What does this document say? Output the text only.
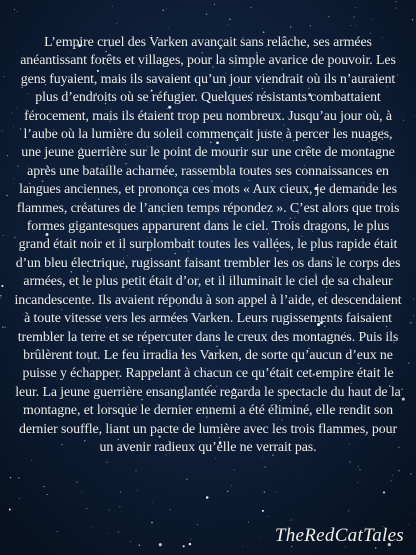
L’empire cruel des Varken avançait sans relâche, ses armées anéantissant forêts et villages, pour la simple avarice de pouvoir. Les gens fuyaient, mais ils savaient qu’un jour viendrait où ils n’auraient plus d’endroits où se réfugier. Quelques résistants combattaient férocement, mais ils étaient trop peu nombreux. Jusqu’au jour où, à l’aube où la lumière du soleil commençait juste à percer les nuages, une jeune guerrière sur le point de mourir sur une crête de montagne après une bataille acharnée, rassembla toutes ses connaissances en langues anciennes, et prononça ces mots « Aux cieux, je demande les flammes, créatures de l’ancien temps répondez ». C’est alors que trois formes gigantesques apparurent dans le ciel. Trois dragons, le plus grand était noir et il surplombait toutes les vallées, le plus rapide était d’un bleu électrique, rugissant faisant trembler les os dans le corps des armées, et le plus petit était d’or, et il illuminait le ciel de sa chaleur incandescente. Ils avaient répondu à son appel à l’aide, et descendaient à toute vitesse vers les armées Varken. Leurs rugissements faisaient trembler la terre et se répercuter dans le creux des montagnes. Puis ils brûlèrent tout. Le feu irradia les Varken, de sorte qu’aucun d’eux ne puisse y échapper. Rappelant à chacun ce qu’était cet empire était le leur. La jeune guerrière ensanglantée regarda le spectacle du haut de la montagne, et lorsque le dernier ennemi a été éliminé, elle rendit son dernier souffle, liant un pacte de lumière avec les trois flammes, pour un avenir radieux qu’elle ne verrait pas.

TheRedCatTales
